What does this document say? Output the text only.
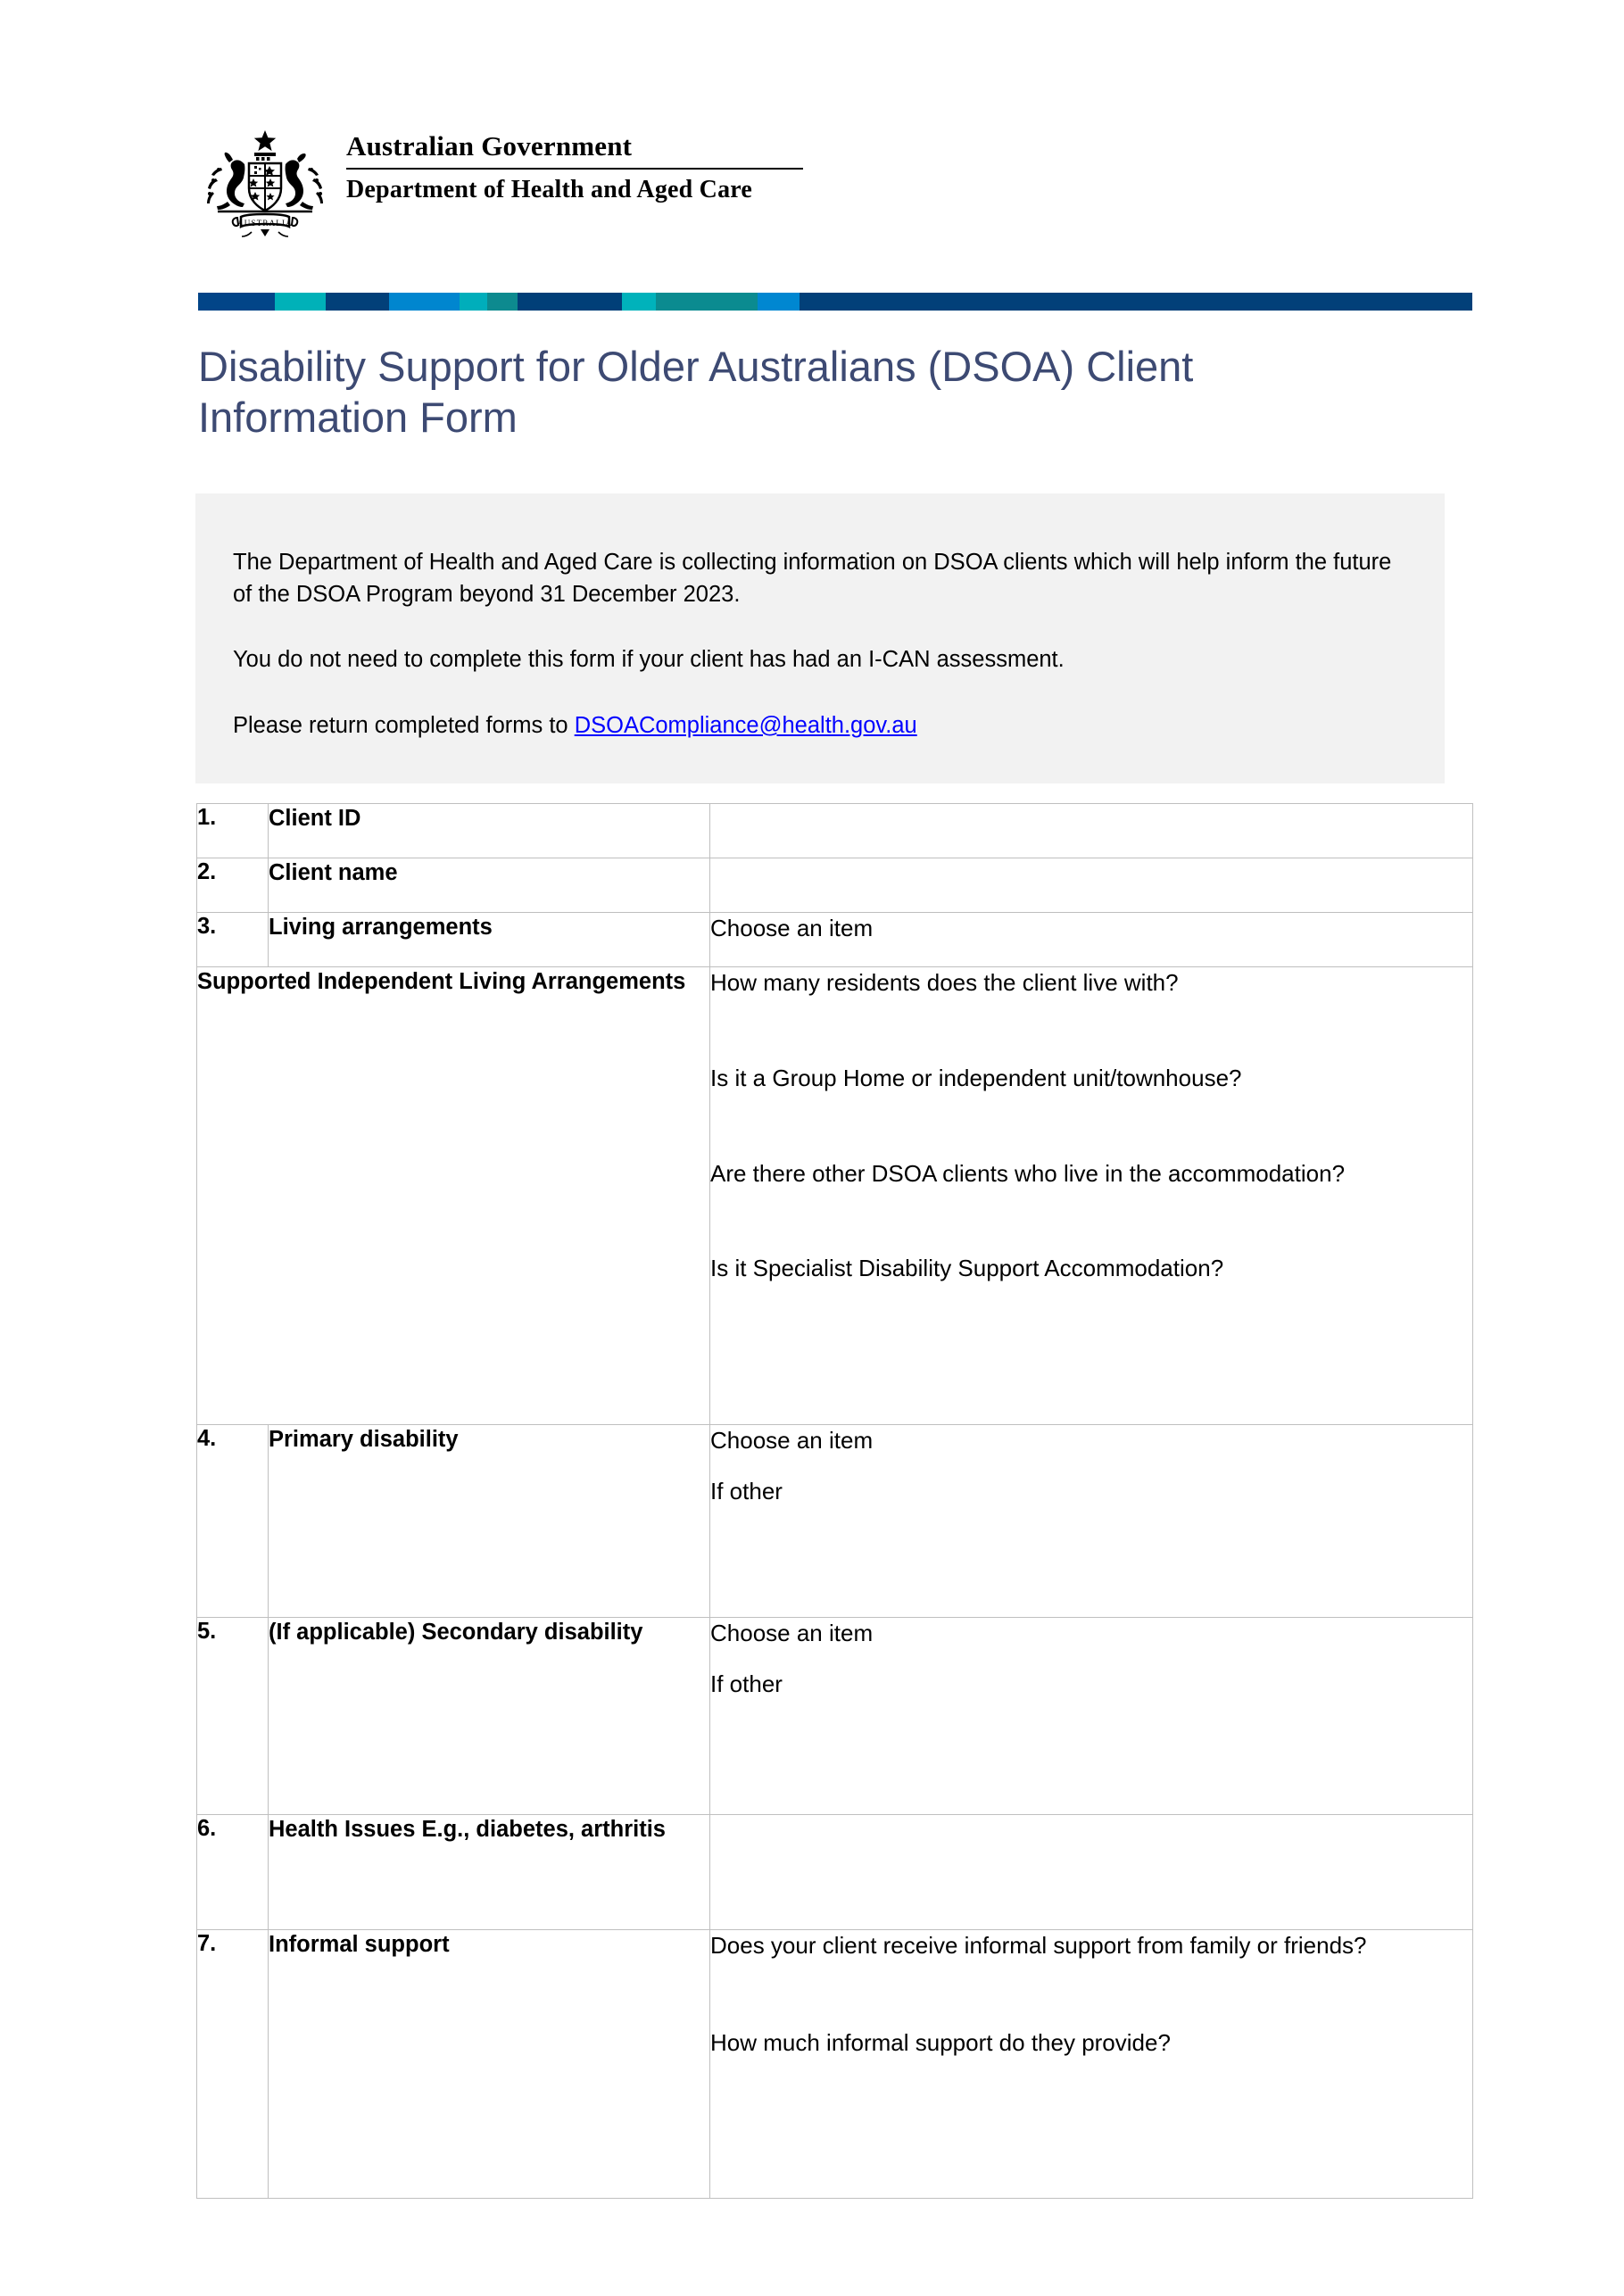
AUSTRALIA
Australian Government
Department of Health and Aged Care
Disability Support for Older Australians (DSOA) Client Information Form

The Department of Health and Aged Care is collecting information on DSOA clients which will help inform the future of the DSOA Program beyond 31 December 2023.

You do not need to complete this form if your client has had an I-CAN assessment.

Please return completed forms to DSOACompliance@health.gov.au

1.	Client ID	
2.	Client name	
3.	Living arrangements	Choose an item
Supported Independent Living Arrangements		How many residents does the client live with?
Is it a Group Home or independent unit/townhouse?
Are there other DSOA clients who live in the accommodation?
Is it Specialist Disability Support Accommodation?

4.	Primary disability	Choose an item
If other

5.	(If applicable) Secondary disability	Choose an item
If other

6.	Health Issues E.g., diabetes, arthritis	
7.	Informal support	Does your client receive informal support from family or friends?
How much informal support do they provide?
